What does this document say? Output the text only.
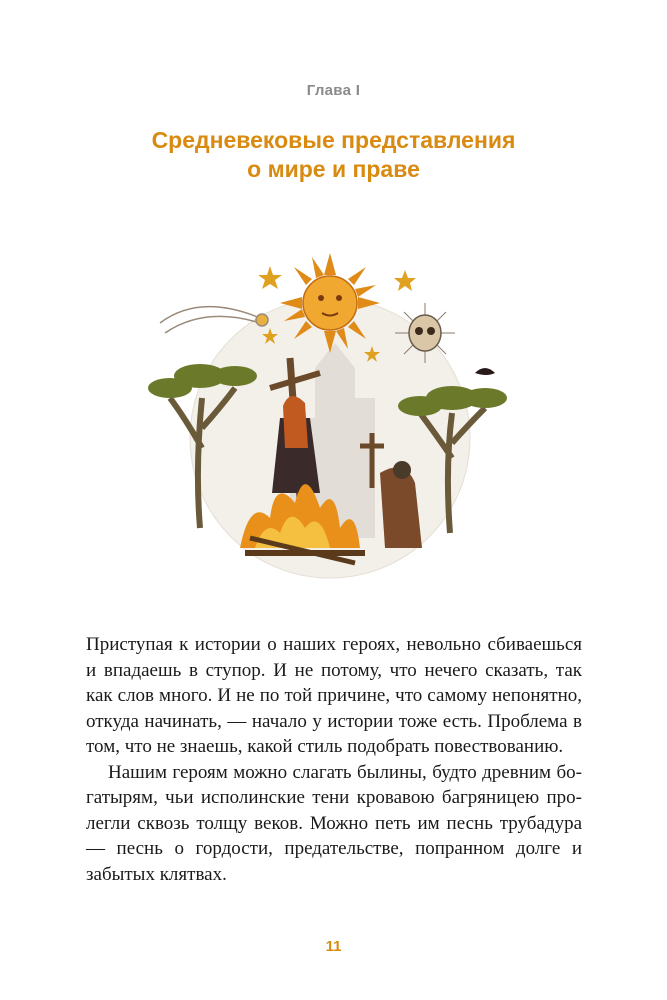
Глава I
Средневековые представления
о мире и праве

Приступая к истории о наших героях, невольно сбиваешься и впадаешь в ступор. И не потому, что нечего сказать, так как слов много. И не по той причине, что самому непонятно, откуда начинать, — начало у истории тоже есть. Проблема в том, что не знаешь, какой стиль подобрать повествованию.

Нашим героям можно слагать былины, будто древним богатырям, чьи исполинские тени кровавою багряницею пролегли сквозь толщу веков. Можно петь им песнь трубадура — песнь о гордости, предательстве, попранном долге и забытых клятвах.

11
